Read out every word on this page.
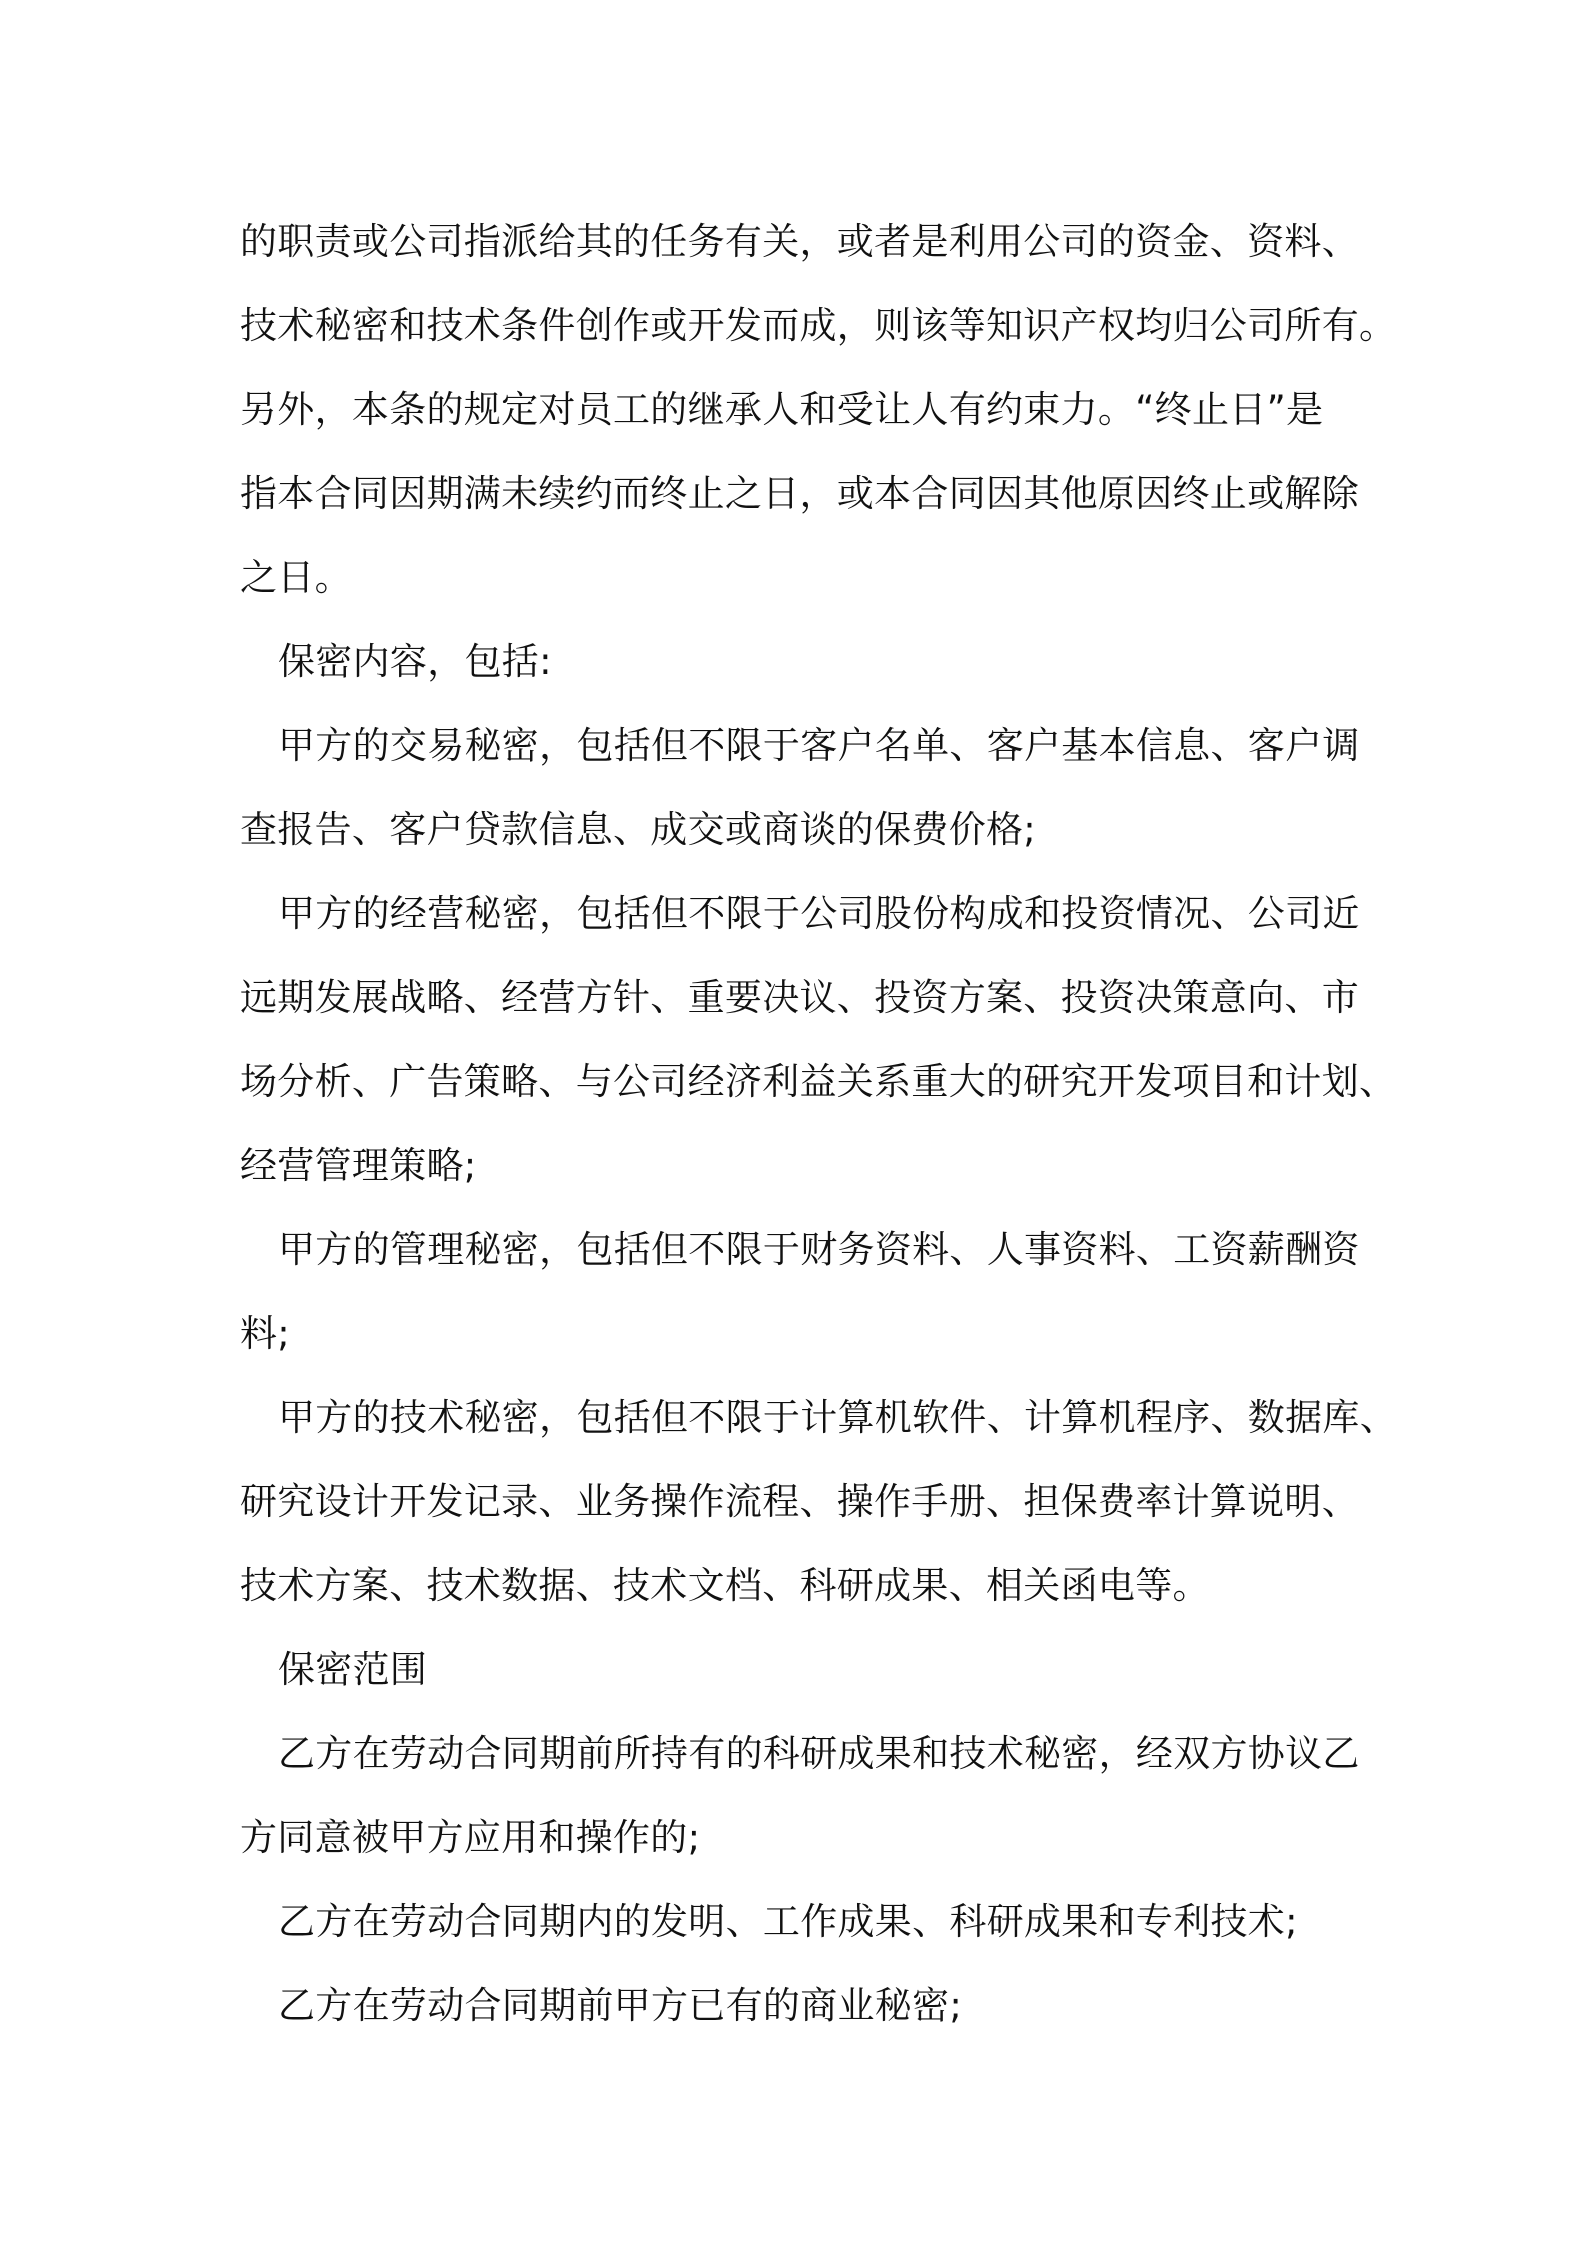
的职责或公司指派给其的任务有关，或者是利用公司的资金、资料、
技术秘密和技术条件创作或开发而成，则该等知识产权均归公司所有。
另外，本条的规定对员工的继承人和受让人有约束力。“终止日”是
指本合同因期满未续约而终止之日，或本合同因其他原因终止或解除
之日。
保密内容，包括:
甲方的交易秘密，包括但不限于客户名单、客户基本信息、客户调
查报告、客户贷款信息、成交或商谈的保费价格;
甲方的经营秘密，包括但不限于公司股份构成和投资情况、公司近
远期发展战略、经营方针、重要决议、投资方案、投资决策意向、市
场分析、广告策略、与公司经济利益关系重大的研究开发项目和计划、
经营管理策略;
甲方的管理秘密，包括但不限于财务资料、人事资料、工资薪酬资
料;
甲方的技术秘密，包括但不限于计算机软件、计算机程序、数据库、
研究设计开发记录、业务操作流程、操作手册、担保费率计算说明、
技术方案、技术数据、技术文档、科研成果、相关函电等。
保密范围
乙方在劳动合同期前所持有的科研成果和技术秘密，经双方协议乙
方同意被甲方应用和操作的;
乙方在劳动合同期内的发明、工作成果、科研成果和专利技术;
乙方在劳动合同期前甲方已有的商业秘密;
